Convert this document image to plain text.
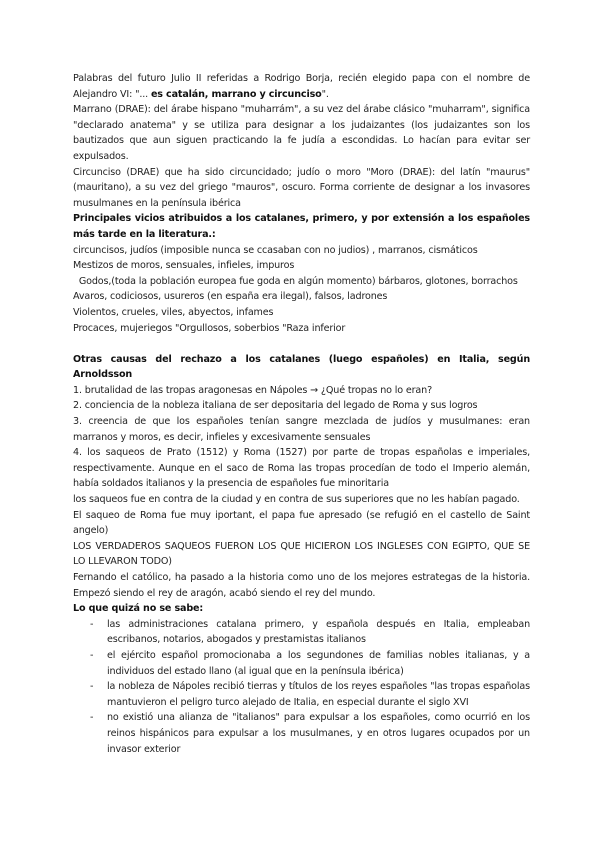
Palabras del futuro Julio II referidas a Rodrigo Borja, recién elegido papa con el nombre de Alejandro VI: "... es catalán, marrano y circunciso".

Marrano (DRAE): del árabe hispano "muharrám", a su vez del árabe clásico "muharram", significa "declarado anatema" y se utiliza para designar a los judaizantes (los judaizantes son los bautizados que aun siguen practicando la fe judía a escondidas. Lo hacían para evitar ser expulsados.

Circunciso (DRAE) que ha sido circuncidado; judío o moro "Moro (DRAE): del latín "maurus" (mauritano), a su vez del griego "mauros", oscuro. Forma corriente de designar a los invasores musulmanes en la península ibérica

Principales vicios atribuidos a los catalanes, primero, y por extensión a los españoles más tarde en la literatura.:

circuncisos, judíos (imposible nunca se ccasaban con no judios) , marranos, cismáticos

Mestizos de moros, sensuales, infieles, impuros

Godos,(toda la población europea fue goda en algún momento) bárbaros, glotones, borrachos

Avaros, codiciosos, usureros (en españa era ilegal), falsos, ladrones

Violentos, crueles, viles, abyectos, infames

Procaces, mujeriegos "Orgullosos, soberbios "Raza inferior

Otras causas del rechazo a los catalanes (luego españoles) en Italia, según Arnoldsson

1. brutalidad de las tropas aragonesas en Nápoles → ¿Qué tropas no lo eran?

2. conciencia de la nobleza italiana de ser depositaria del legado de Roma y sus logros

3. creencia de que los españoles tenían sangre mezclada de judíos y musulmanes: eran marranos y moros, es decir, infieles y excesivamente sensuales

4. los saqueos de Prato (1512) y Roma (1527) por parte de tropas españolas e imperiales, respectivamente. Aunque en el saco de Roma las tropas procedían de todo el Imperio alemán, había soldados italianos y la presencia de españoles fue minoritaria

los saqueos fue en contra de la ciudad y en contra de sus superiores que no les habían pagado.

El saqueo de Roma fue muy iportant, el papa fue apresado (se refugió en el castello de Saint angelo)

LOS VERDADEROS SAQUEOS FUERON LOS QUE HICIERON LOS INGLESES CON EGIPTO, QUE SE LO LLEVARON TODO)

Fernando el católico, ha pasado a la historia como uno de los mejores estrategas de la historia. Empezó siendo el rey de aragón, acabó siendo el rey del mundo.

Lo que quizá no se sabe:

- las administraciones catalana primero, y española después en Italia, empleaban escribanos, notarios, abogados y prestamistas italianos
- el ejército español promocionaba a los segundones de familias nobles italianas, y a individuos del estado llano (al igual que en la península ibérica)
- la nobleza de Nápoles recibió tierras y títulos de los reyes españoles "las tropas españolas mantuvieron el peligro turco alejado de Italia, en especial durante el siglo XVI
- no existió una alianza de "italianos" para expulsar a los españoles, como ocurrió en los reinos hispánicos para expulsar a los musulmanes, y en otros lugares ocupados por un invasor exterior
